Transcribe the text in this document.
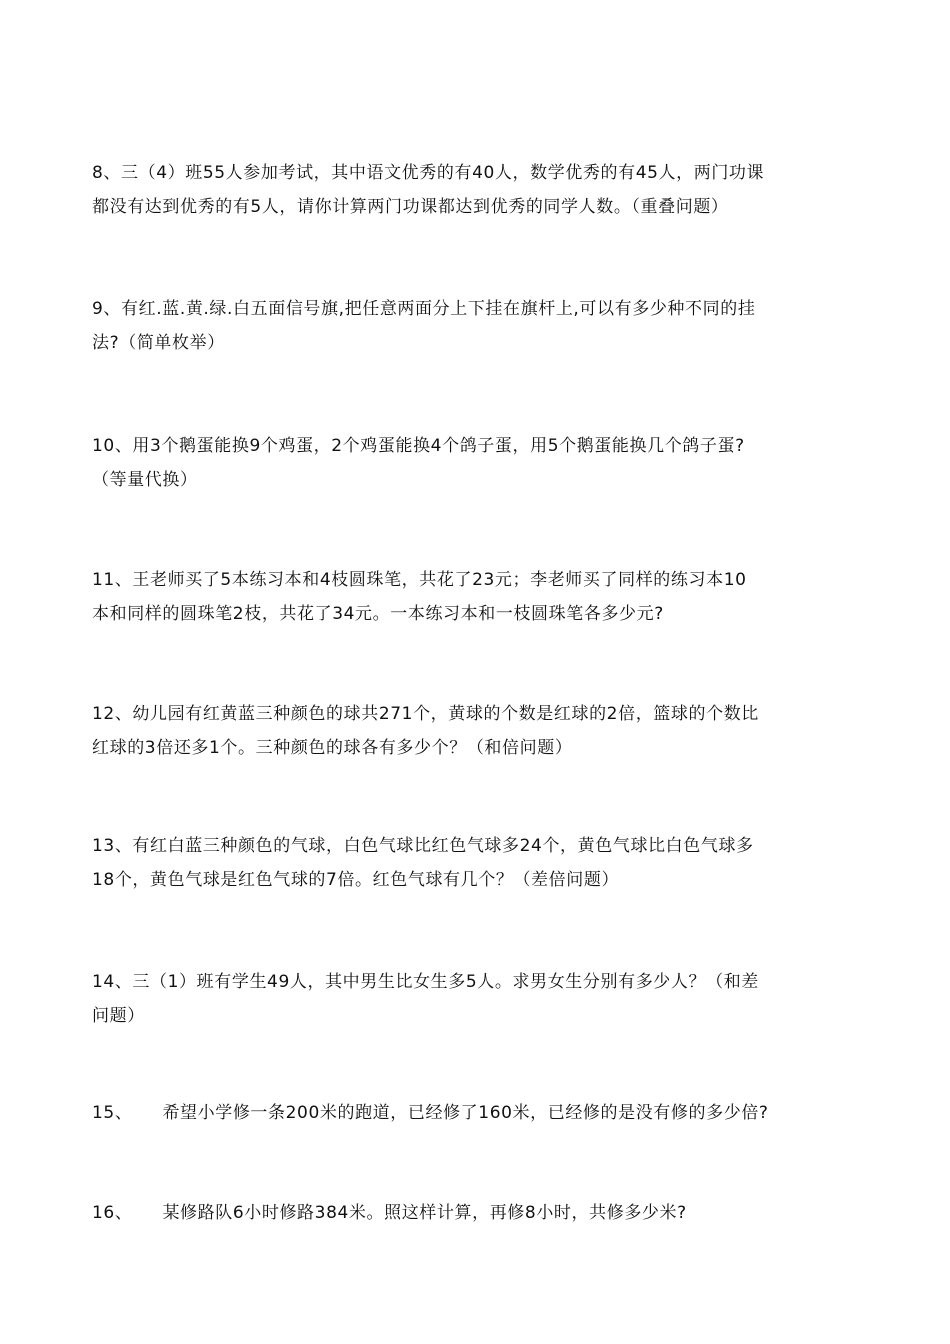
8、三（4）班55人参加考试，其中语文优秀的有40人，数学优秀的有45人，两门功课

都没有达到优秀的有5人，请你计算两门功课都达到优秀的同学人数。（重叠问题）

9、有红.蓝.黄.绿.白五面信号旗,把任意两面分上下挂在旗杆上,可以有多少种不同的挂

法?（简单枚举）

10、用3个鹅蛋能换9个鸡蛋，2个鸡蛋能换4个鸽子蛋，用5个鹅蛋能换几个鸽子蛋?

（等量代换）

11、王老师买了5本练习本和4枝圆珠笔，共花了23元；李老师买了同样的练习本10

本和同样的圆珠笔2枝，共花了34元。一本练习本和一枝圆珠笔各多少元?

12、幼儿园有红黄蓝三种颜色的球共271个，黄球的个数是红球的2倍，篮球的个数比

红球的3倍还多1个。三种颜色的球各有多少个？（和倍问题）

13、有红白蓝三种颜色的气球，白色气球比红色气球多24个，黄色气球比白色气球多

18个，黄色气球是红色气球的7倍。红色气球有几个？（差倍问题）

14、三（1）班有学生49人，其中男生比女生多5人。求男女生分别有多少人？（和差

问题）

15、 希望小学修一条200米的跑道，已经修了160米，已经修的是没有修的多少倍?

16、 某修路队6小时修路384米。照这样计算，再修8小时，共修多少米?
